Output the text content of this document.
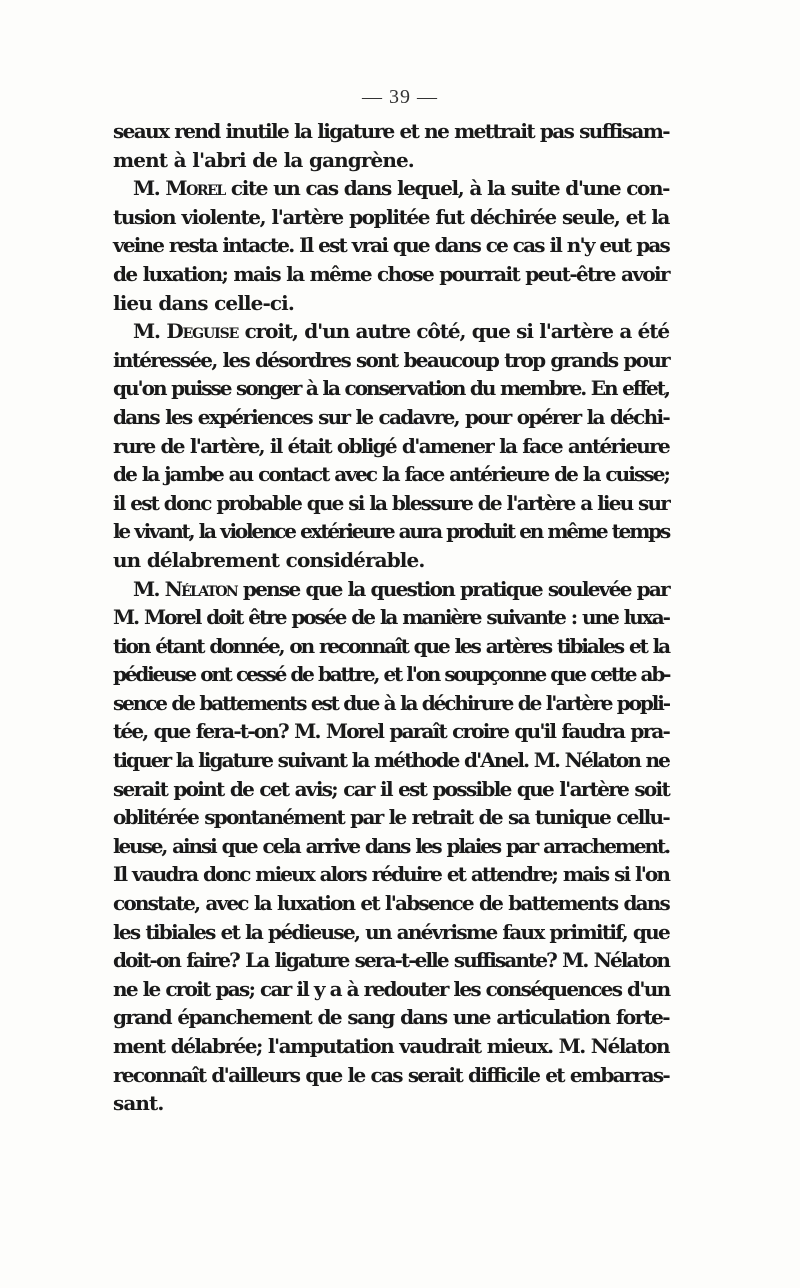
— 39 —
seaux rend inutile la ligature et ne mettrait pas suffisam-
ment à l'abri de la gangrène.
M. Morel cite un cas dans lequel, à la suite d'une con-
tusion violente, l'artère poplitée fut déchirée seule, et la
veine resta intacte. Il est vrai que dans ce cas il n'y eut pas
de luxation; mais la même chose pourrait peut-être avoir
lieu dans celle-ci.
M. Deguise croit, d'un autre côté, que si l'artère a été
intéressée, les désordres sont beaucoup trop grands pour
qu'on puisse songer à la conservation du membre. En effet,
dans les expériences sur le cadavre, pour opérer la déchi-
rure de l'artère, il était obligé d'amener la face antérieure
de la jambe au contact avec la face antérieure de la cuisse;
il est donc probable que si la blessure de l'artère a lieu sur
le vivant, la violence extérieure aura produit en même temps
un délabrement considérable.
M. Nélaton pense que la question pratique soulevée par
M. Morel doit être posée de la manière suivante : une luxa-
tion étant donnée, on reconnaît que les artères tibiales et la
pédieuse ont cessé de battre, et l'on soupçonne que cette ab-
sence de battements est due à la déchirure de l'artère popli-
tée, que fera-t-on? M. Morel paraît croire qu'il faudra pra-
tiquer la ligature suivant la méthode d'Anel. M. Nélaton ne
serait point de cet avis; car il est possible que l'artère soit
oblitérée spontanément par le retrait de sa tunique cellu-
leuse, ainsi que cela arrive dans les plaies par arrachement.
Il vaudra donc mieux alors réduire et attendre; mais si l'on
constate, avec la luxation et l'absence de battements dans
les tibiales et la pédieuse, un anévrisme faux primitif, que
doit-on faire? La ligature sera-t-elle suffisante? M. Nélaton
ne le croit pas; car il y a à redouter les conséquences d'un
grand épanchement de sang dans une articulation forte-
ment délabrée; l'amputation vaudrait mieux. M. Nélaton
reconnaît d'ailleurs que le cas serait difficile et embarras-
sant.
